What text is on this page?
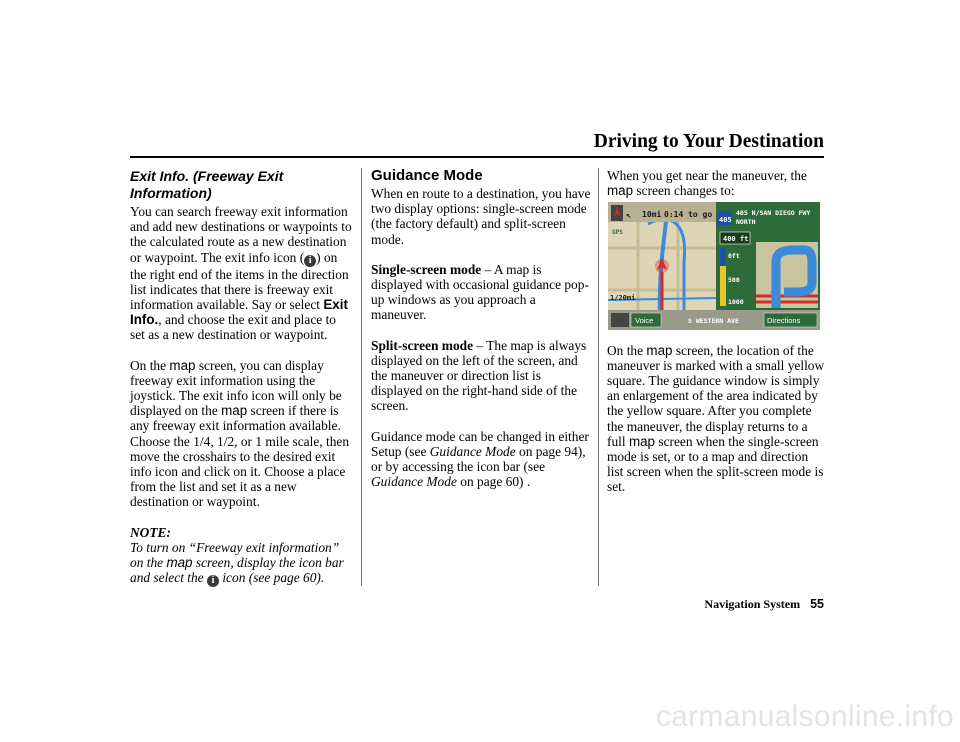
Driving to Your Destination
Exit Info. (Freeway Exit Information)

You can search freeway exit information and add new destinations or waypoints to the calculated route as a new destination or waypoint. The exit info icon ( i ) on the right end of the items in the direction list indicates that there is freeway exit information available. Say or select Exit Info., and choose the exit and place to set as a new destination or waypoint.

On the map screen, you can display freeway exit information using the joystick. The exit info icon will only be displayed on the map screen if there is any freeway exit information available. Choose the 1/4, 1/2, or 1 mile scale, then move the crosshairs to the desired exit info icon and click on it. Choose a place from the list and set it as a new destination or waypoint.

NOTE:

To turn on “Freeway exit information” on the map screen, display the icon bar and select the i icon (see page 60).

Guidance Mode

When en route to a destination, you have two display options: single-screen mode (the factory default) and split-screen mode.

Single-screen mode – A map is displayed with occasional guidance pop-up windows as you approach a maneuver.

Split-screen mode – The map is always displayed on the left of the screen, and the maneuver or direction list is displayed on the right-hand side of the screen.

Guidance mode can be changed in either Setup (see Guidance Mode on page 94), or by accessing the icon bar (see Guidance Mode on page 60) .

When you get near the maneuver, the map screen changes to:

↖ 10mi 0:14 to go
1/20mi
GPS
405
405 N/SAN DIEGO FWY
NORTH
400 ft
0ft
500
1000
Voice	S WESTERN AVE	Directions

On the map screen, the location of the maneuver is marked with a small yellow square. The guidance window is simply an enlargement of the area indicated by the yellow square. After you complete the maneuver, the display returns to a full map screen when the single-screen mode is set, or to a map and direction list screen when the split-screen mode is set.

Navigation System 55
carmanualsonline.info
